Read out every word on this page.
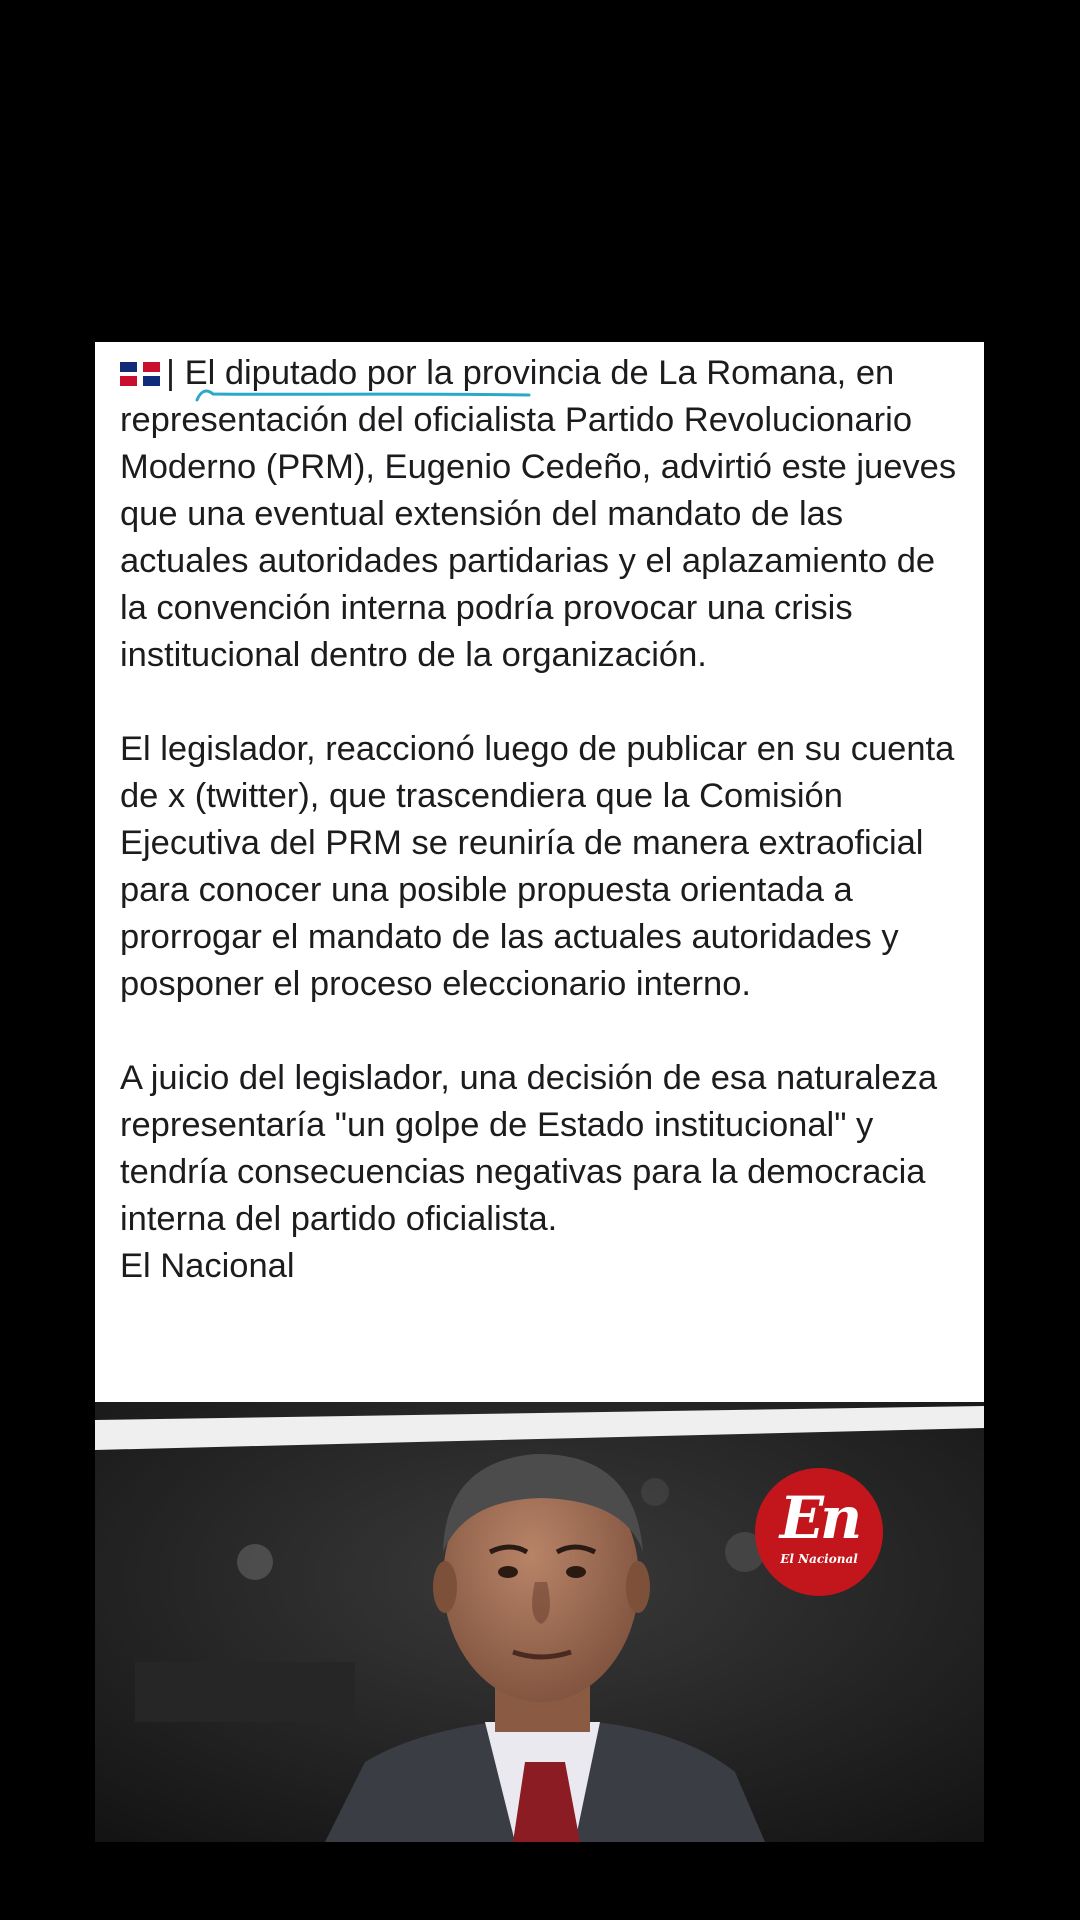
| El diputado por la provincia de La Romana, en representación del oficialista Partido Revolucionario Moderno (PRM), Eugenio Cedeño, advirtió este jueves que una eventual extensión del mandato de las actuales autoridades partidarias y el aplazamiento de la convención interna podría provocar una crisis institucional dentro de la organización.

El legislador, reaccionó luego de publicar en su cuenta de x (twitter), que trascendiera que la Comisión Ejecutiva del PRM se reuniría de manera extraoficial para conocer una posible propuesta orientada a prorrogar el mandato de las actuales autoridades y posponer el proceso eleccionario interno.

A juicio del legislador, una decisión de esa naturaleza representaría "un golpe de Estado institucional" y tendría consecuencias negativas para la democracia interna del partido oficialista.
El Nacional

En
El Nacional
